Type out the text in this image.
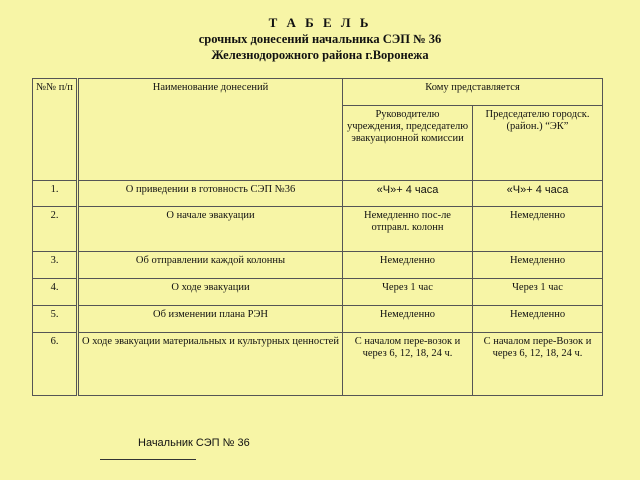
Т А Б Е Л Ь
срочных донесений начальника СЭП № 36
Железнодорожного района г.Воронежа
№№ п/п	Наименование донесений	Кому представляется	
		Руководителю учреждения, председателю эвакуационной комиссии	Председателю городск. (район.) “ЭК”
1.	О приведении в готовность СЭП №36	«Ч»+ 4 часа	«Ч»+ 4 часа
2.	О начале эвакуации	Немедленно пос-ле отправл. колонн	Немедленно
3.	Об отправлении каждой колонны	Немедленно	Немедленно
4.	О ходе эвакуации	Через 1 час	Через 1 час
5.	Об изменении плана РЭН	Немедленно	Немедленно
6.	О ходе эвакуации материальных и культурных ценностей	С началом пере-возок и через 6, 12, 18, 24 ч.	С началом пере-Возок и через 6, 12, 18, 24 ч.
Начальник СЭП № 36
